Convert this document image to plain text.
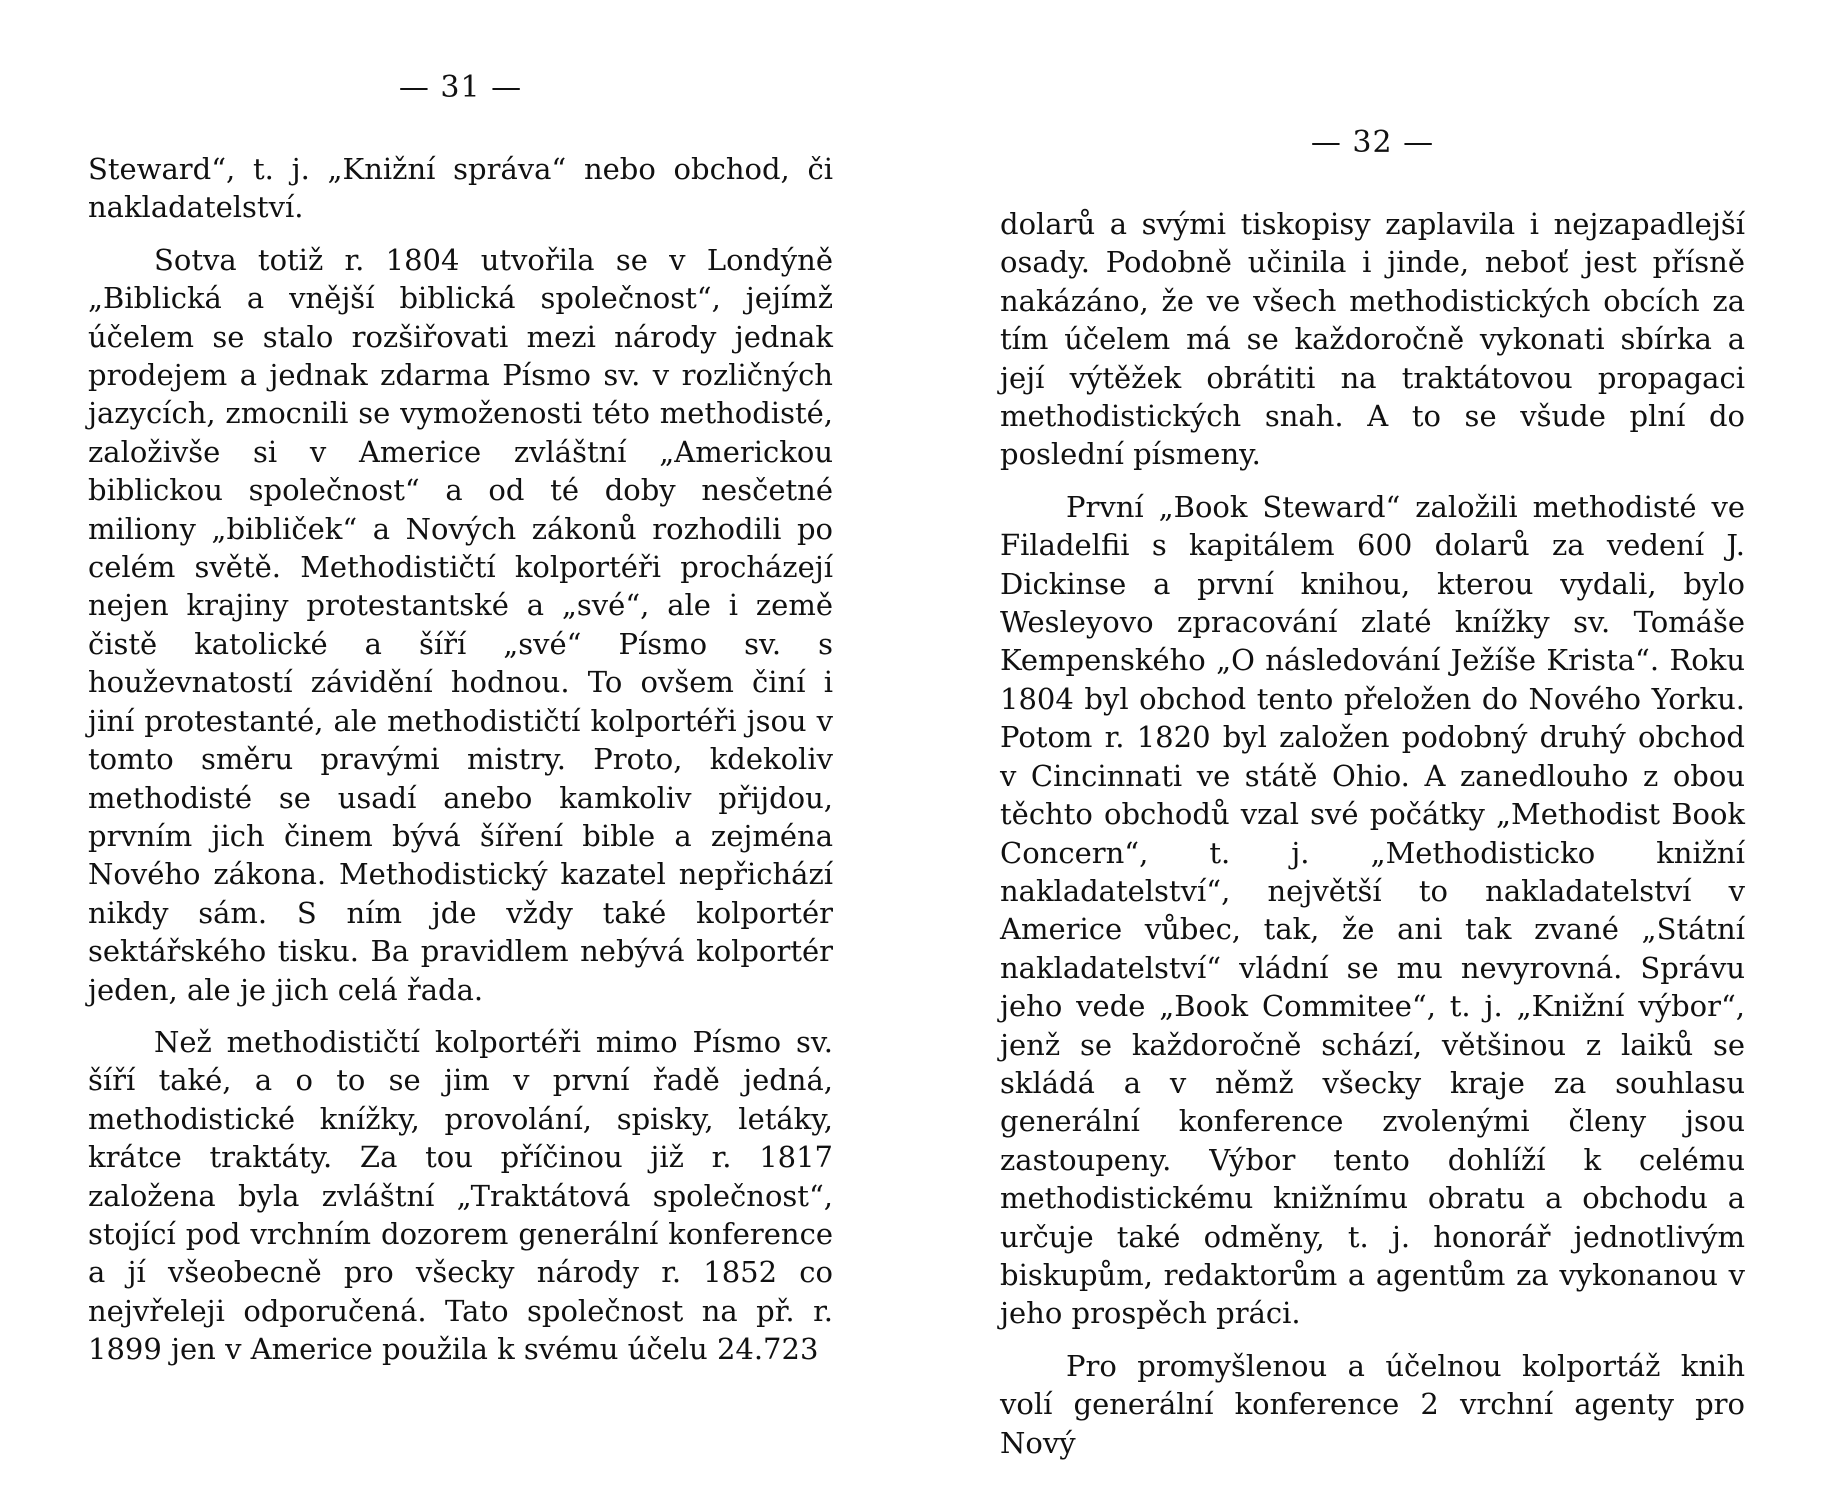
— 31 —

Steward“, t. j. „Knižní správa“ nebo obchod, či nakladatelství.

Sotva totiž r. 1804 utvořila se v Londýně „Biblická a vnější biblická společnost“, jejímž účelem se stalo rozšiřovati mezi národy jednak prodejem a jednak zdarma Písmo sv. v rozličných jazycích, zmocnili se vymoženosti této methodisté, založivše si v Americe zvláštní „Americkou biblickou společnost“ a od té doby nesčetné miliony „bibliček“ a Nových zákonů rozhodili po celém světě. Methodističtí kolportéři procházejí nejen krajiny protestantské a „své“, ale i země čistě katolické a šíří „své“ Písmo sv. s houževnatostí závidění hodnou. To ovšem činí i jiní protestanté, ale methodističtí kolportéři jsou v tomto směru pravými mistry. Proto, kdekoliv methodisté se usadí anebo kamkoliv přijdou, prvním jich činem bývá šíření bible a zejména Nového zákona. Methodistický kazatel nepřichází nikdy sám. S ním jde vždy také kolportér sektářského tisku. Ba pravidlem nebývá kolportér jeden, ale je jich celá řada.

Než methodističtí kolportéři mimo Písmo sv. šíří také, a o to se jim v první řadě jedná, methodistické knížky, provolání, spisky, letáky, krátce traktáty. Za tou příčinou již r. 1817 založena byla zvláštní „Traktátová společnost“, stojící pod vrchním dozorem generální konference a jí všeobecně pro všecky národy r. 1852 co nejvřeleji odporučená. Tato společnost na př. r. 1899 jen v Americe použila k svému účelu 24.723

— 32 —

dolarů a svými tiskopisy zaplavila i nejzapadlejší osady. Podobně učinila i jinde, neboť jest přísně nakázáno, že ve všech methodistických obcích za tím účelem má se každoročně vykonati sbírka a její výtěžek obrátiti na traktátovou propagaci methodistických snah. A to se všude plní do poslední písmeny.

První „Book Steward“ založili methodisté ve Filadelfii s kapitálem 600 dolarů za vedení J. Dickinse a první knihou, kterou vydali, bylo Wesleyovo zpracování zlaté knížky sv. Tomáše Kempenského „O následování Ježíše Krista“. Roku 1804 byl obchod tento přeložen do Nového Yorku. Potom r. 1820 byl založen podobný druhý obchod v Cincinnati ve státě Ohio. A zanedlouho z obou těchto obchodů vzal své počátky „Methodist Book Concern“, t. j. „Methodisticko knižní nakladatelství“, největší to nakladatelství v Americe vůbec, tak, že ani tak zvané „Státní nakladatelství“ vládní se mu nevyrovná. Správu jeho vede „Book Commitee“, t. j. „Knižní výbor“, jenž se každoročně schází, většinou z laiků se skládá a v němž všecky kraje za souhlasu generální konference zvolenými členy jsou zastoupeny. Výbor tento dohlíží k celému methodistickému knižnímu obratu a obchodu a určuje také odměny, t. j. honorář jednotlivým biskupům, redaktorům a agentům za vykonanou v jeho prospěch práci.

Pro promyšlenou a účelnou kolportáž knih volí generální konference 2 vrchní agenty pro Nový
